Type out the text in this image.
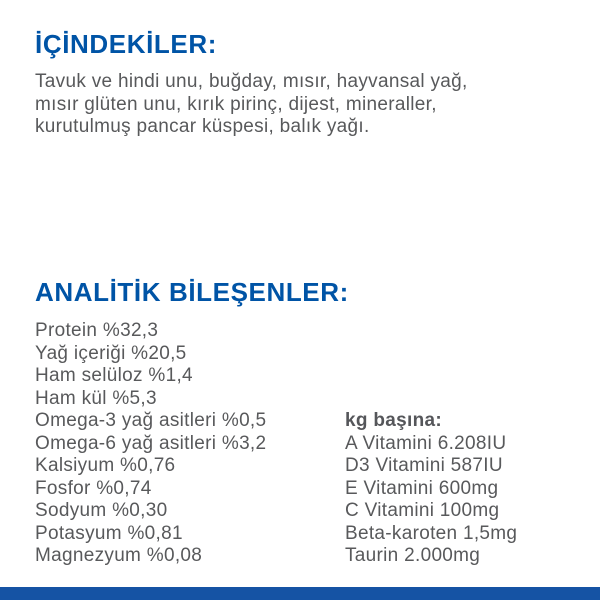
İÇİNDEKİLER:
Tavuk ve hindi unu, buğday, mısır, hayvansal yağ,
mısır glüten unu, kırık pirinç, dijest, mineraller,
kurutulmuş pancar küspesi, balık yağı.
ANALİTİK BİLEŞENLER:
Protein %32,3
Yağ içeriği %20,5
Ham selüloz %1,4
Ham kül %5,3
Omega-3 yağ asitleri %0,5
Omega-6 yağ asitleri %3,2
Kalsiyum %0,76
Fosfor %0,74
Sodyum %0,30
Potasyum %0,81
Magnezyum %0,08
kg başına:
A Vitamini 6.208IU
D3 Vitamini 587IU
E Vitamini 600mg
C Vitamini 100mg
Beta-karoten 1,5mg
Taurin 2.000mg
